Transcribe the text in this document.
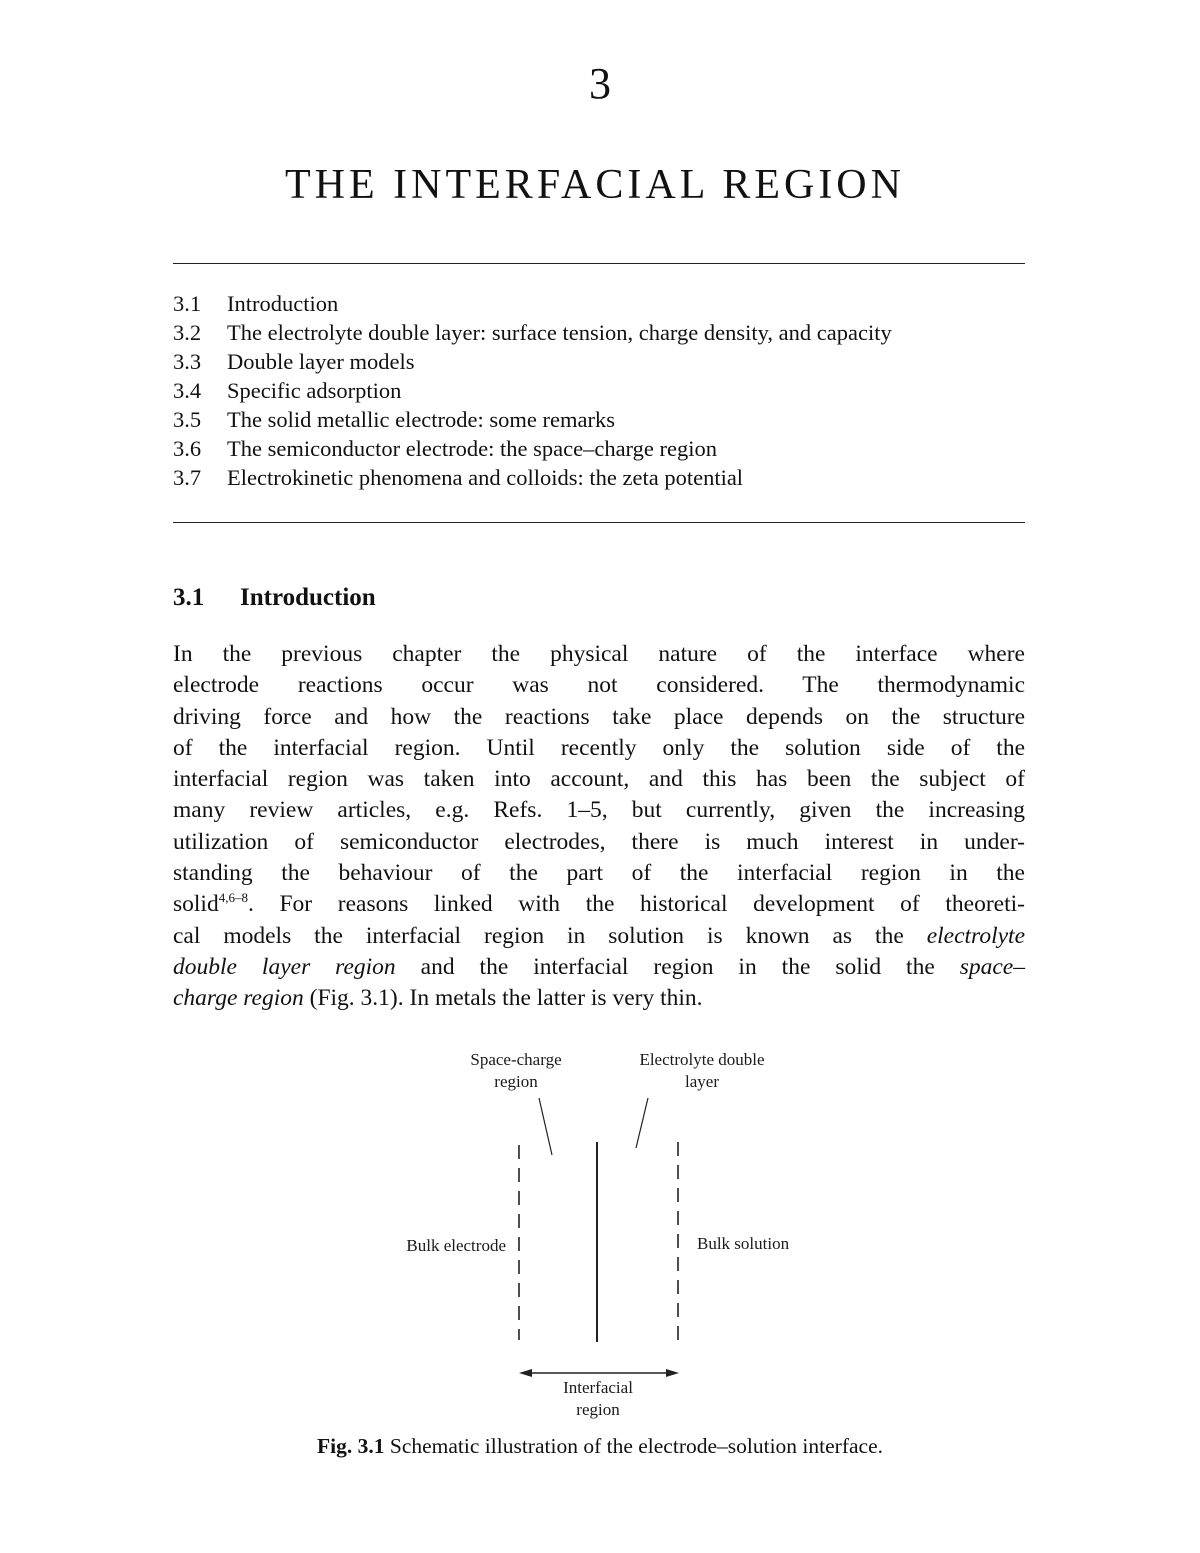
3
THE INTERFACIAL REGION
3.1	Introduction
3.2	The electrolyte double layer: surface tension, charge density, and capacity
3.3	Double layer models
3.4	Specific adsorption
3.5	The solid metallic electrode: some remarks
3.6	The semiconductor electrode: the space–charge region
3.7	Electrokinetic phenomena and colloids: the zeta potential
3.1 Introduction

In the previous chapter the physical nature of the interface where
electrode reactions occur was not considered. The thermodynamic
driving force and how the reactions take place depends on the structure
of the interfacial region. Until recently only the solution side of the
interfacial region was taken into account, and this has been the subject of
many review articles, e.g. Refs. 1–5, but currently, given the increasing
utilization of semiconductor electrodes, there is much interest in under-
standing the behaviour of the part of the interfacial region in the
solid$^{4,6-8}$. For reasons linked with the historical development of theoreti-
cal models the interfacial region in solution is known as the electrolyte
double layer region and the interfacial region in the solid the space–
charge region (Fig. 3.1). In metals the latter is very thin.

Space-charge
region
Electrolyte double
layer
Bulk electrode	Bulk solution
Interfacial
region
Fig. 3.1 Schematic illustration of the electrode–solution interface.
